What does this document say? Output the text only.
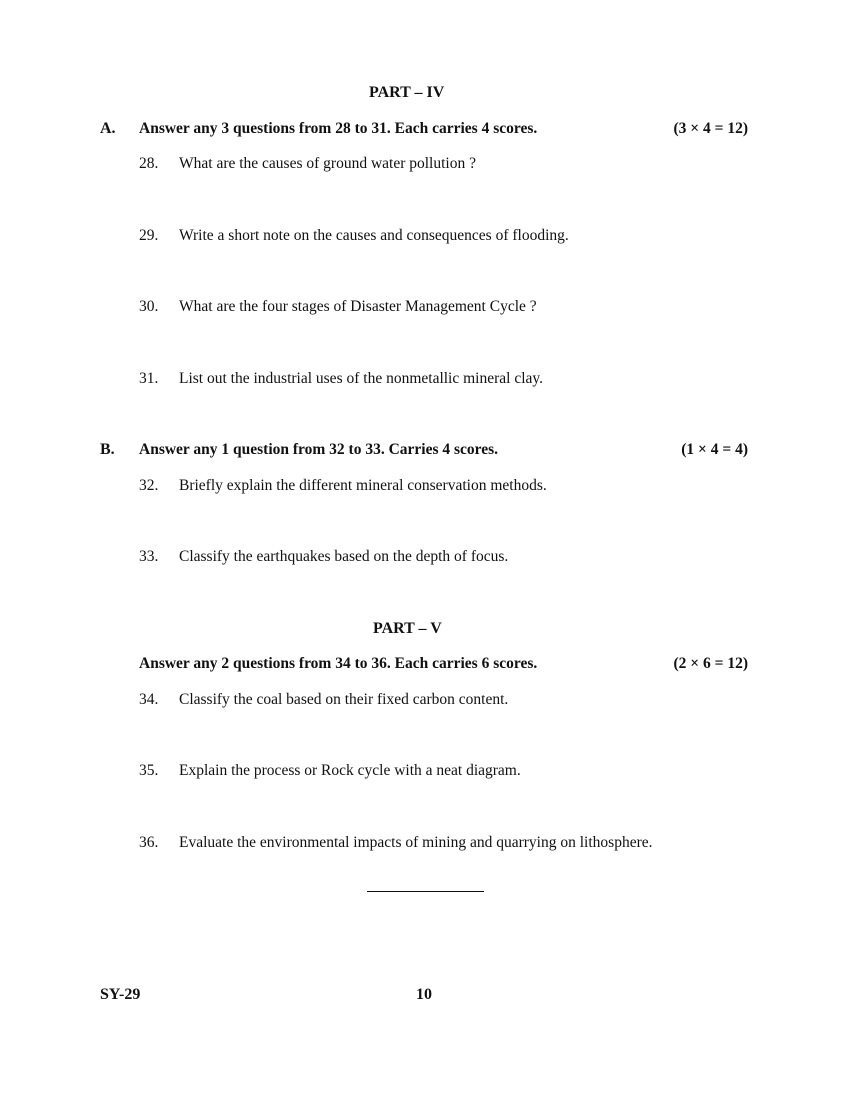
PART – IV
A. Answer any 3 questions from 28 to 31. Each carries 4 scores.	(3 × 4 = 12)
28. What are the causes of ground water pollution ?
29. Write a short note on the causes and consequences of flooding.
30. What are the four stages of Disaster Management Cycle ?
31. List out the industrial uses of the nonmetallic mineral clay.
B. Answer any 1 question from 32 to 33. Carries 4 scores.	(1 × 4 = 4)
32. Briefly explain the different mineral conservation methods.
33. Classify the earthquakes based on the depth of focus.
PART – V
Answer any 2 questions from 34 to 36. Each carries 6 scores.	(2 × 6 = 12)
34. Classify the coal based on their fixed carbon content.
35. Explain the process or Rock cycle with a neat diagram.
36. Evaluate the environmental impacts of mining and quarrying on lithosphere.
SY-29	10
